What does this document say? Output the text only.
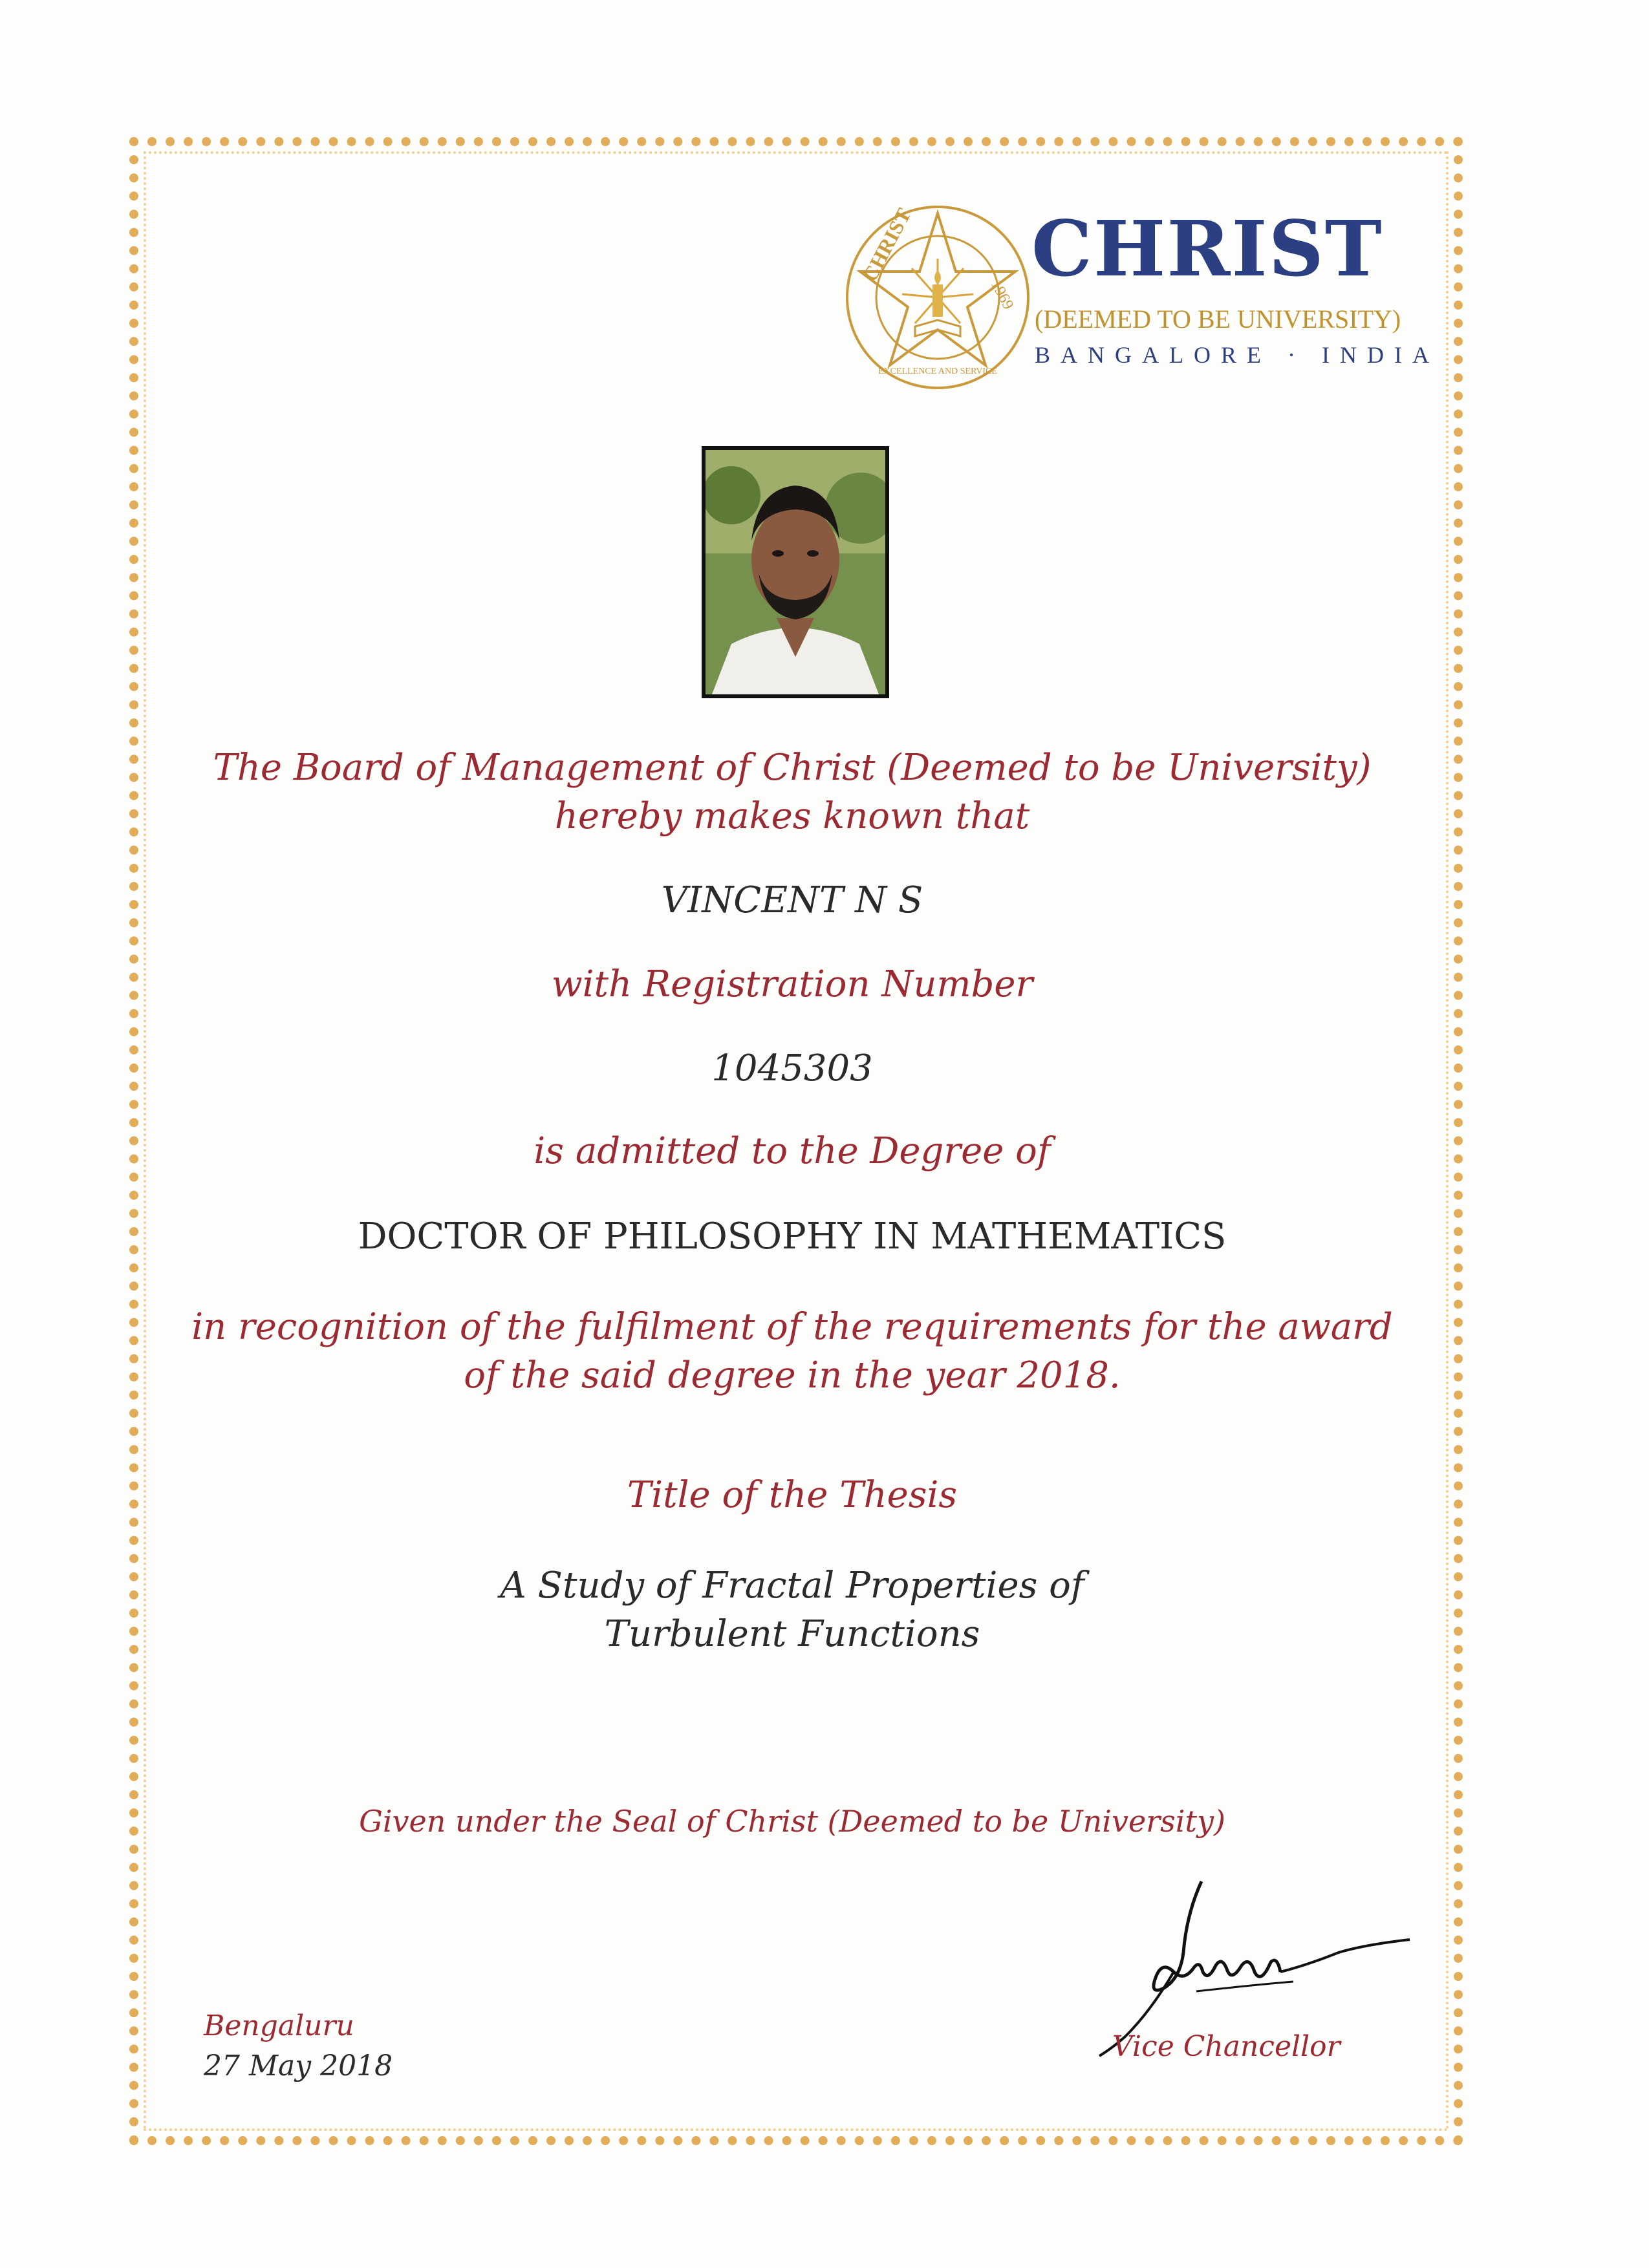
CHRIST
EXCELLENCE AND SERVICE
1969
CHRIST
(DEEMED TO BE UNIVERSITY)
BANGALORE · INDIA

The Board of Management of Christ (Deemed to be University)

hereby makes known that

VINCENT N S

with Registration Number

1045303

is admitted to the Degree of

DOCTOR OF PHILOSOPHY IN MATHEMATICS

in recognition of the fulfilment of the requirements for the award

of the said degree in the year 2018.

Title of the Thesis

A Study of Fractal Properties of

Turbulent Functions

Given under the Seal of Christ (Deemed to be University)

Bengaluru

27 May 2018

Vice Chancellor
